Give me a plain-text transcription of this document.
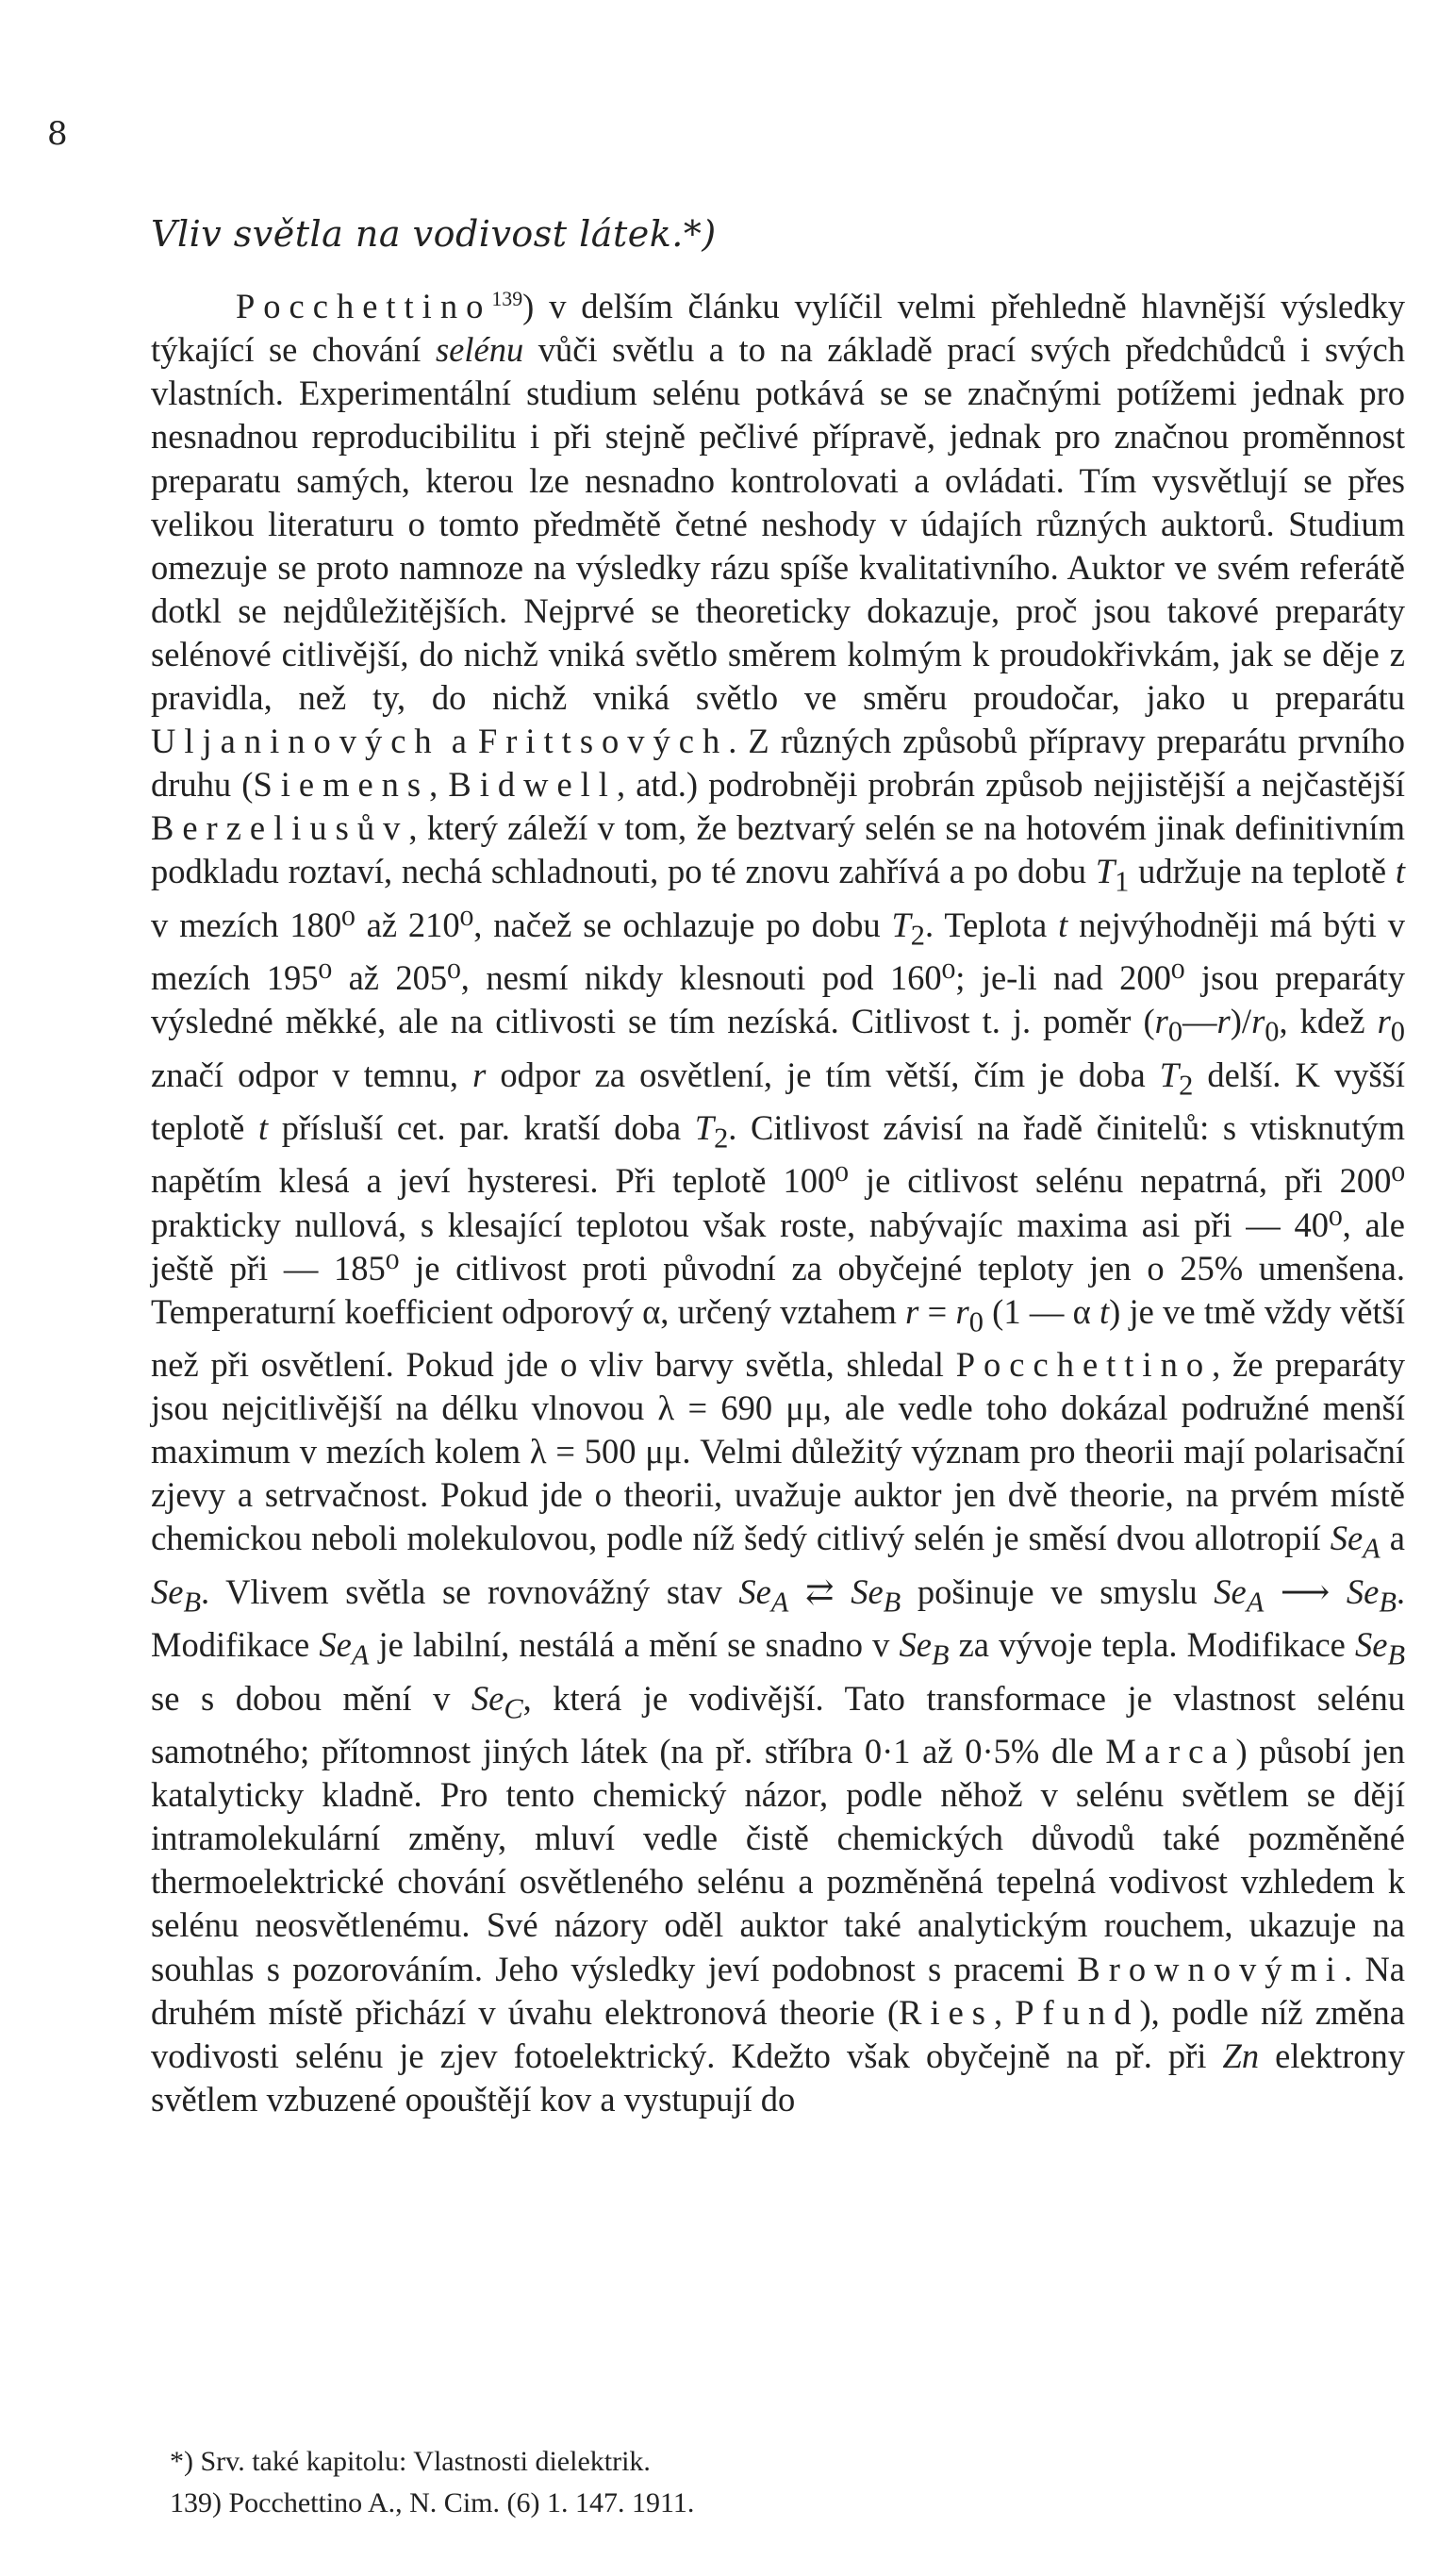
8
Vliv světla na vodivost látek.*)
Pocchettino$^{139}$) v delším článku vylíčil velmi přehledně hlavnější výsledky týkající se chování selénu vůči světlu a to na základě prací svých předchůdců i svých vlastních. Experimentální studium selénu potkává se se značnými potížemi jednak pro nesnadnou reproducibilitu i při stejně pečlivé přípravě, jednak pro značnou proměnnost preparatu samých, kterou lze nesnadno kontrolovati a ovládati. Tím vysvětlují se přes velikou literaturu o tomto předmětě četné neshody v údajích různých auktorů. Studium omezuje se proto namnoze na výsledky rázu spíše kvalitativního. Auktor ve svém referátě dotkl se nejdůležitějších. Nejprvé se theoreticky dokazuje, proč jsou takové preparáty selénové citlivější, do nichž vniká světlo směrem kolmým k proudokřivkám, jak se děje z pravidla, než ty, do nichž vniká světlo ve směru proudočar, jako u preparátu Uljaninových a Frittsových. Z různých způsobů přípravy preparátu prvního druhu (Siemens, Bidwell, atd.) podrobněji probrán způsob nejjistější a nejčastější Berzeliusův, který záleží v tom, že beztvarý selén se na hotovém jinak definitivním podkladu roztaví, nechá schladnouti, po té znovu zahřívá a po dobu $T_1$ udržuje na teplotě t v mezích 180⁰ až 210⁰, načež se ochlazuje po dobu $T_2$. Teplota t nejvýhodněji má býti v mezích 195⁰ až 205⁰, nesmí nikdy klesnouti pod 160⁰; je-li nad 200⁰ jsou preparáty výsledné měkké, ale na citlivosti se tím nezíská. Citlivost t. j. poměr $(r_0—r)/r_0$, kdež $r_0$ značí odpor v temnu, r odpor za osvětlení, je tím větší, čím je doba $T_2$ delší. K vyšší teplotě t přísluší cet. par. kratší doba $T_2$. Citlivost závisí na řadě činitelů: s vtisknutým napětím klesá a jeví hysteresi. Při teplotě 100⁰ je citlivost selénu nepatrná, při 200⁰ prakticky nullová, s klesající teplotou však roste, nabývajíc maxima asi při — 40⁰, ale ještě při — 185⁰ je citlivost proti původní za obyčejné teploty jen o 25% umenšena. Temperaturní koefficient odporový α, určený vztahem $r = r_0$ (1 — α t) je ve tmě vždy větší než při osvětlení. Pokud jde o vliv barvy světla, shledal Pocchettino, že preparáty jsou nejcitlivější na délku vlnovou λ = 690 μμ, ale vedle toho dokázal podružné menší maximum v mezích kolem λ = 500 μμ. Velmi důležitý význam pro theorii mají polarisační zjevy a setrvačnost. Pokud jde o theorii, uvažuje auktor jen dvě theorie, na prvém místě chemickou neboli molekulovou, podle níž šedý citlivý selén je směsí dvou allotropií $Se_A$ a $Se_B$. Vlivem světla se rovnovážný stav $Se_A$ ⇄ $Se_B$ pošinuje ve smyslu $Se_A$ ⟶ $Se_B$. Modifikace $Se_A$ je labilní, nestálá a mění se snadno v $Se_B$ za vývoje tepla. Modifikace $Se_B$ se s dobou mění v $Se_C$, která je vodivější. Tato transformace je vlastnost selénu samotného; přítomnost jiných látek (na př. stříbra 0·1 až 0·5% dle Marca) působí jen katalyticky kladně. Pro tento chemický názor, podle něhož v selénu světlem se dějí intramolekulární změny, mluví vedle čistě chemických důvodů také pozměněné thermoelektrické chování osvětleného selénu a pozměněná tepelná vodivost vzhledem k selénu neosvětlenému. Své názory oděl auktor také analytickým rouchem, ukazuje na souhlas s pozorováním. Jeho výsledky jeví podobnost s pracemi Brownovými. Na druhém místě přichází v úvahu elektronová theorie (Ries, Pfund), podle níž změna vodivosti selénu je zjev fotoelektrický. Kdežto však obyčejně na př. při Zn elektrony světlem vzbuzené opouštějí kov a vystupují do
*) Srv. také kapitolu: Vlastnosti dielektrik.
139) Pocchettino A., N. Cim. (6) 1. 147. 1911.
